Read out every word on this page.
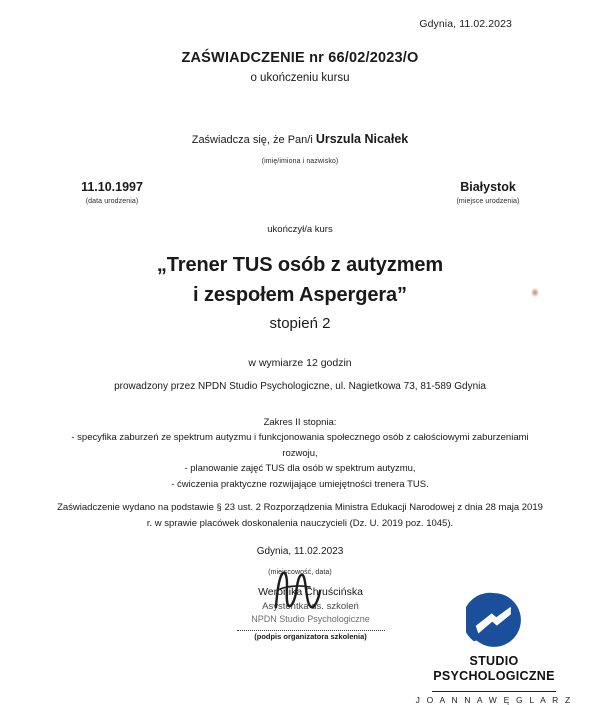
Gdynia, 11.02.2023
ZAŚWIADCZENIE nr 66/02/2023/O
o ukończeniu kursu
Zaświadcza się, że Pan/i Urszula Nicałek
(imię/imiona i nazwisko)
11.10.1997
(data urodzenia)
Białystok
(miejsce urodzenia)
ukończył/a kurs
„Trener TUS osób z autyzmem
i zespołem Aspergera”
stopień 2
w wymiarze 12 godzin
prowadzony przez NPDN Studio Psychologiczne, ul. Nagietkowa 73, 81-589 Gdynia
Zakres II stopnia:
- specyfika zaburzeń ze spektrum autyzmu i funkcjonowania społecznego osób z całościowymi zaburzeniami rozwoju,
- planowanie zajęć TUS dla osób w spektrum autyzmu,
- ćwiczenia praktyczne rozwijające umiejętności trenera TUS.
Zaświadczenie wydano na podstawie § 23 ust. 2 Rozporządzenia Ministra Edukacji Narodowej z dnia 28 maja 2019 r. w sprawie placówek doskonalenia nauczycieli (Dz. U. 2019 poz. 1045).
Gdynia, 11.02.2023
(miejscowość, data)
Weronika Chruścińska
Asystentka ds. szkoleń
NPDN Studio Psychologiczne
(podpis organizatora szkolenia)
STUDIO
PSYCHOLOGICZNE
J O A N N A W Ę G L A R Z
